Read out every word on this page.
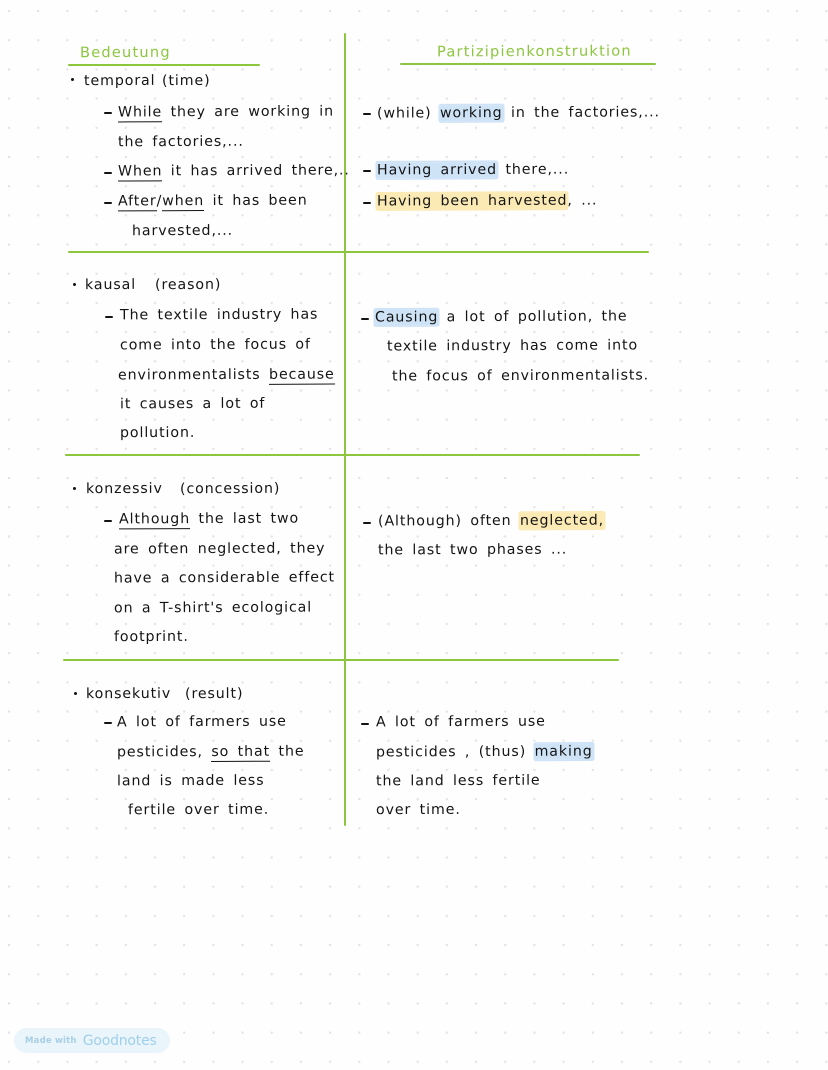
Bedeutung	Partizipienkonstruktion
temporal (time)
While they are working in
the factories,...
When it has arrived there,..
After/when it has been
harvested,...
(while) working in the factories,...
Having arrived there,...
Having been harvested, ...
kausal (reason)
The textile industry has
come into the focus of
environmentalists because
it causes a lot of
pollution.
Causing a lot of pollution, the
textile industry has come into
the focus of environmentalists.
konzessiv (concession)
Although the last two
are often neglected, they
have a considerable effect
on a T-shirt's ecological
footprint.
(Although) often neglected,
the last two phases ...
konsekutiv (result)
A lot of farmers use
pesticides, so that the
land is made less
fertile over time.
A lot of farmers use
pesticides , (thus) making
the land less fertile
over time.
Made with Goodnotes
